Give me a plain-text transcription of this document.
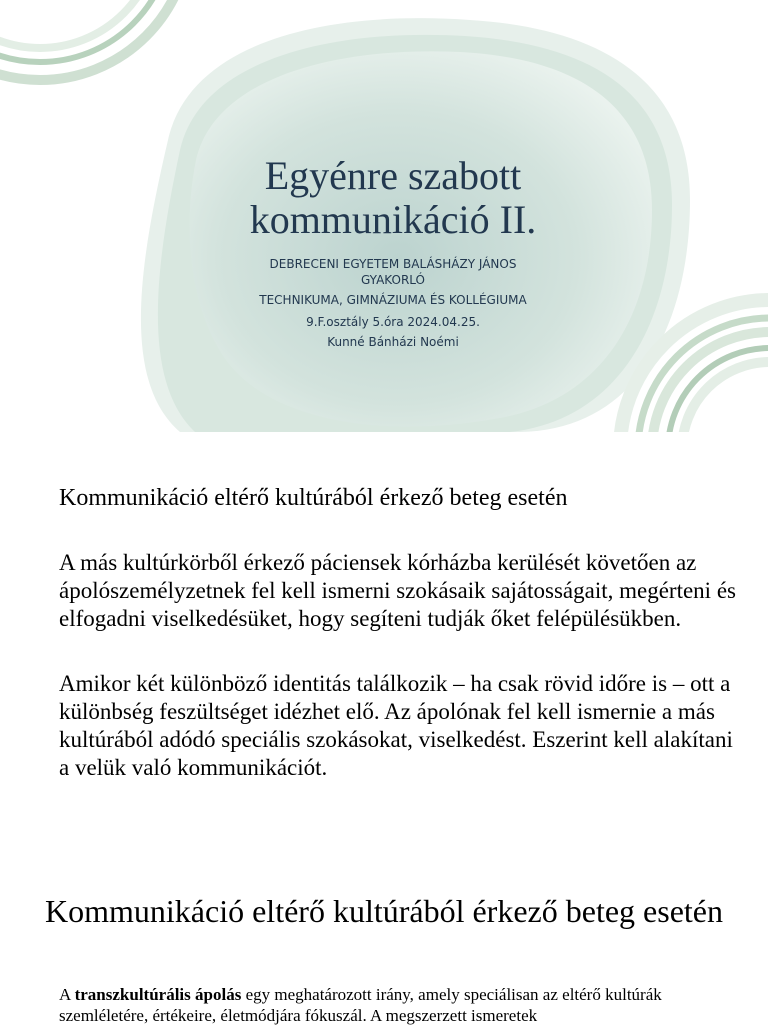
Egyénre szabott kommunikáció II.

DEBRECENI EGYETEM BALÁSHÁZY JÁNOS

GYAKORLÓ

TECHNIKUMA, GIMNÁZIUMA ÉS KOLLÉGIUMA

9.F.osztály 5.óra 2024.04.25.

Kunné Bánházi Noémi

Kommunikáció eltérő kultúrából érkező beteg esetén

A más kultúrkörből érkező páciensek kórházba kerülését követően az ápolószemélyzetnek fel kell ismerni szokásaik sajátosságait, megérteni és elfogadni viselkedésüket, hogy segíteni tudják őket felépülésükben.

Amikor két különböző identitás találkozik – ha csak rövid időre is – ott a különbség feszültséget idézhet elő. Az ápolónak fel kell ismernie a más kultúrából adódó speciális szokásokat, viselkedést. Eszerint kell alakítani a velük való kommunikációt.

Kommunikáció eltérő kultúrából érkező beteg esetén

A transzkultúrális ápolás egy meghatározott irány, amely speciálisan az eltérő kultúrák szemléletére, értékeire, életmódjára fókuszál. A megszerzett ismeretek
